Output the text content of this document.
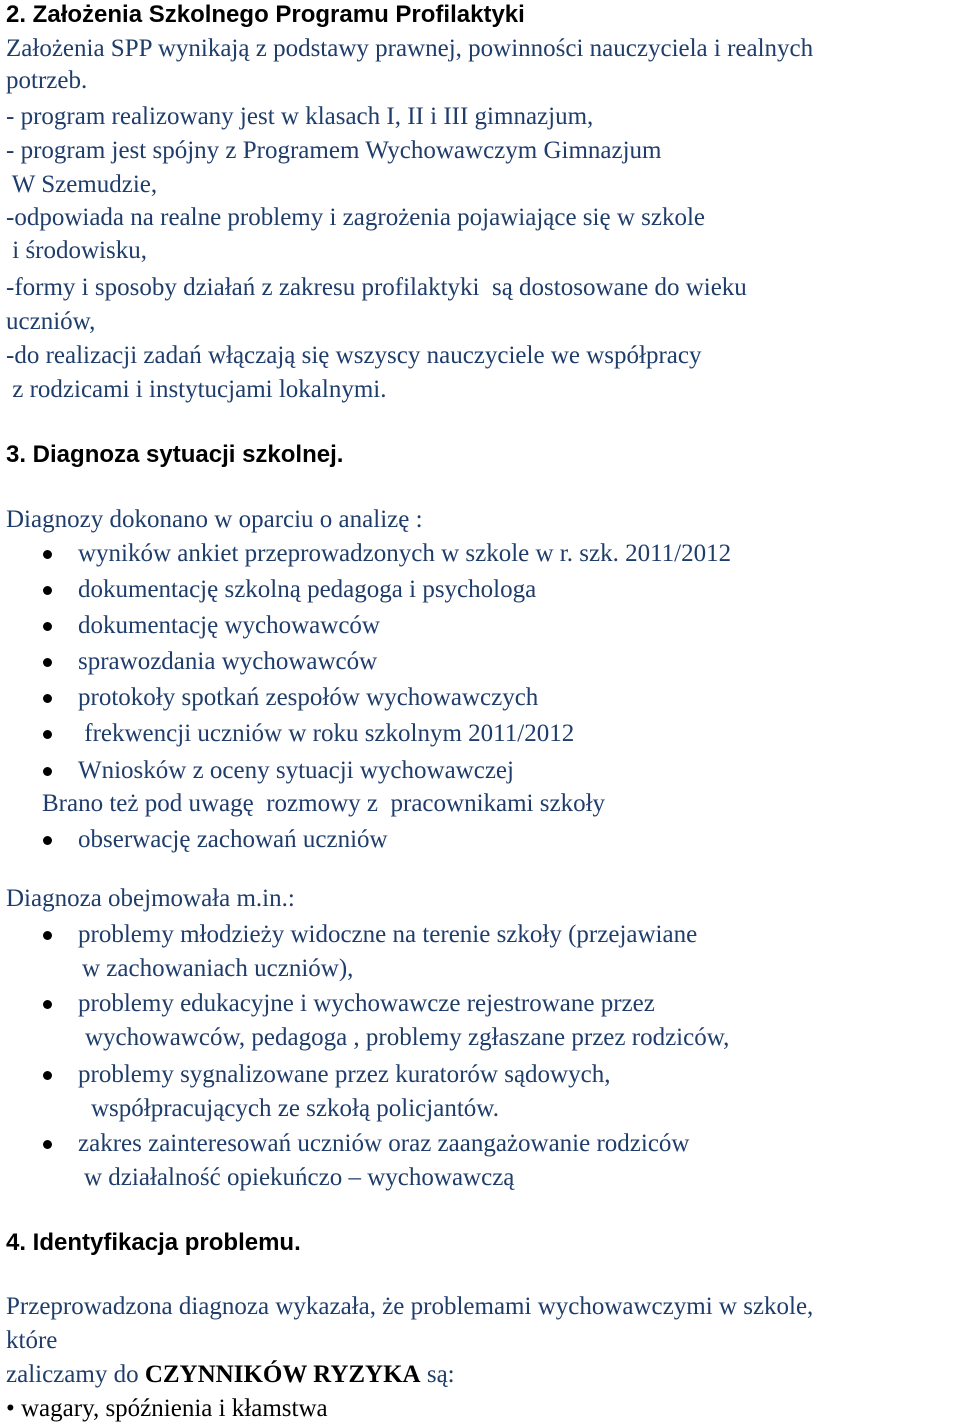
2. Założenia Szkolnego Programu Profilaktyki
Założenia SPP wynikają z podstawy prawnej, powinności nauczyciela i realnych
potrzeb.
- program realizowany jest w klasach I, II i III gimnazjum,
- program jest spójny z Programem Wychowawczym Gimnazjum
W Szemudzie,
-odpowiada na realne problemy i zagrożenia pojawiające się w szkole
i środowisku,
-formy i sposoby działań z zakresu profilaktyki  są dostosowane do wieku
uczniów,
-do realizacji zadań włączają się wszyscy nauczyciele we współpracy
z rodzicami i instytucjami lokalnymi.
3. Diagnoza sytuacji szkolnej.
Diagnozy dokonano w oparciu o analizę :
wyników ankiet przeprowadzonych w szkole w r. szk. 2011/2012
dokumentację szkolną pedagoga i psychologa
dokumentację wychowawców
sprawozdania wychowawców
protokoły spotkań zespołów wychowawczych
frekwencji uczniów w roku szkolnym 2011/2012
Wniosków z oceny sytuacji wychowawczej
Brano też pod uwagę  rozmowy z  pracownikami szkoły
obserwację zachowań uczniów
Diagnoza obejmowała m.in.:
problemy młodzieży widoczne na terenie szkoły (przejawiane
w zachowaniach uczniów),
problemy edukacyjne i wychowawcze rejestrowane przez
wychowawców, pedagoga , problemy zgłaszane przez rodziców,
problemy sygnalizowane przez kuratorów sądowych,
współpracujących ze szkołą policjantów.
zakres zainteresowań uczniów oraz zaangażowanie rodziców
w działalność opiekuńczo – wychowawczą
4. Identyfikacja problemu.
Przeprowadzona diagnoza wykazała, że problemami wychowawczymi w szkole,
które
zaliczamy do CZYNNIKÓW RYZYKA są:
• wagary, spóźnienia i kłamstwa
